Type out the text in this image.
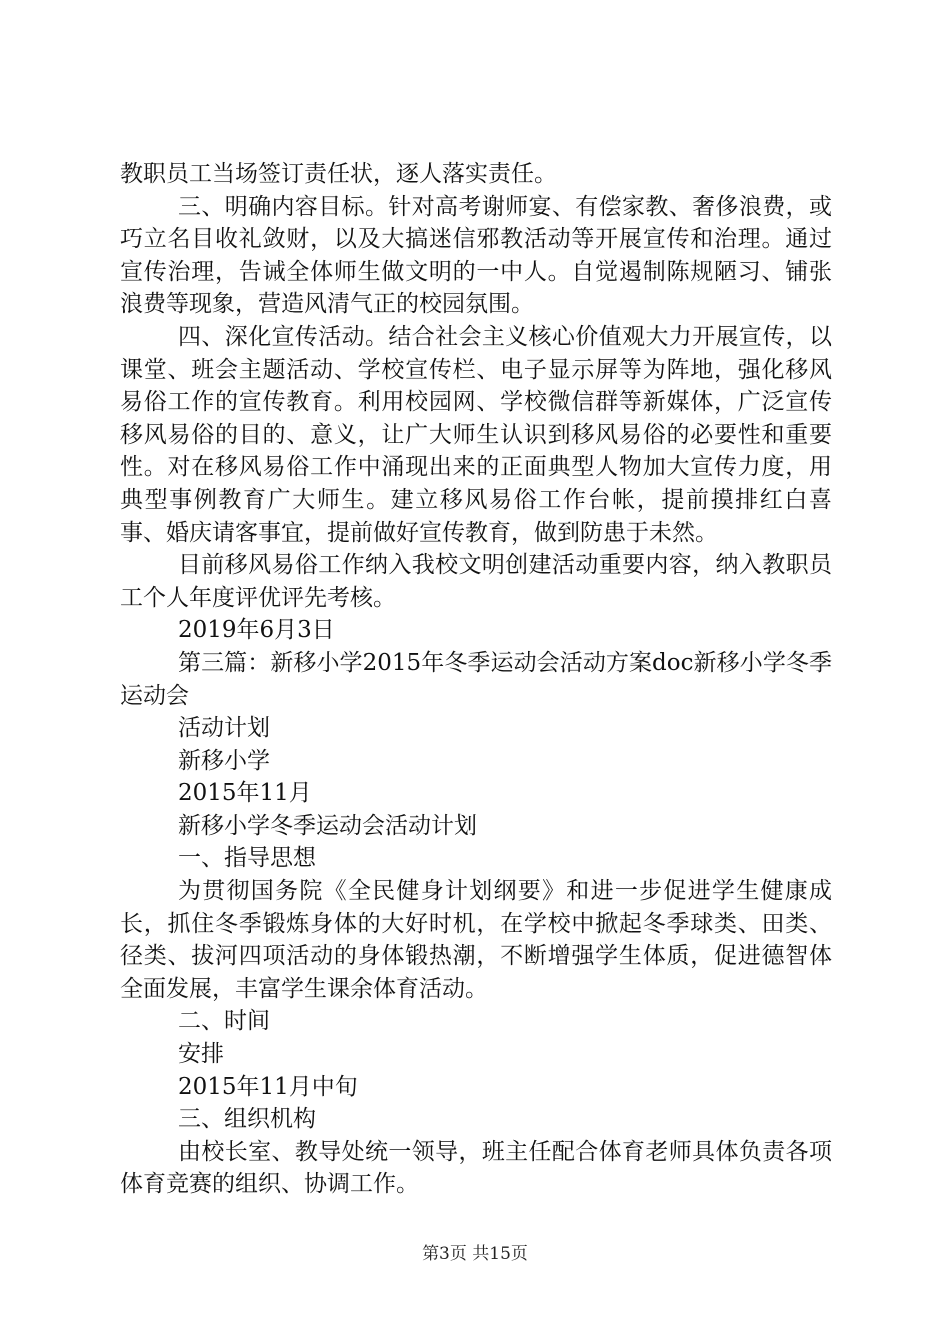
教职员工当场签订责任状，逐人落实责任。

三、明确内容目标。针对高考谢师宴、有偿家教、奢侈浪费，或巧立名目收礼敛财，以及大搞迷信邪教活动等开展宣传和治理。通过宣传治理，告诫全体师生做文明的一中人。自觉遏制陈规陋习、铺张浪费等现象，营造风清气正的校园氛围。

四、深化宣传活动。结合社会主义核心价值观大力开展宣传，以课堂、班会主题活动、学校宣传栏、电子显示屏等为阵地，强化移风易俗工作的宣传教育。利用校园网、学校微信群等新媒体，广泛宣传移风易俗的目的、意义，让广大师生认识到移风易俗的必要性和重要性。对在移风易俗工作中涌现出来的正面典型人物加大宣传力度，用典型事例教育广大师生。建立移风易俗工作台帐，提前摸排红白喜事、婚庆请客事宜，提前做好宣传教育，做到防患于未然。

目前移风易俗工作纳入我校文明创建活动重要内容，纳入教职员工个人年度评优评先考核。

2019年6月3日

第三篇：新移小学2015年冬季运动会活动方案doc新移小学冬季运动会

活动计划

新移小学

2015年11月

新移小学冬季运动会活动计划

一、指导思想

为贯彻国务院《全民健身计划纲要》和进一步促进学生健康成长，抓住冬季锻炼身体的大好时机，在学校中掀起冬季球类、田类、径类、拔河四项活动的身体锻热潮，不断增强学生体质，促进德智体全面发展，丰富学生课余体育活动。

二、时间

安排

2015年11月中旬

三、组织机构

由校长室、教导处统一领导，班主任配合体育老师具体负责各项体育竞赛的组织、协调工作。

第3页 共15页
